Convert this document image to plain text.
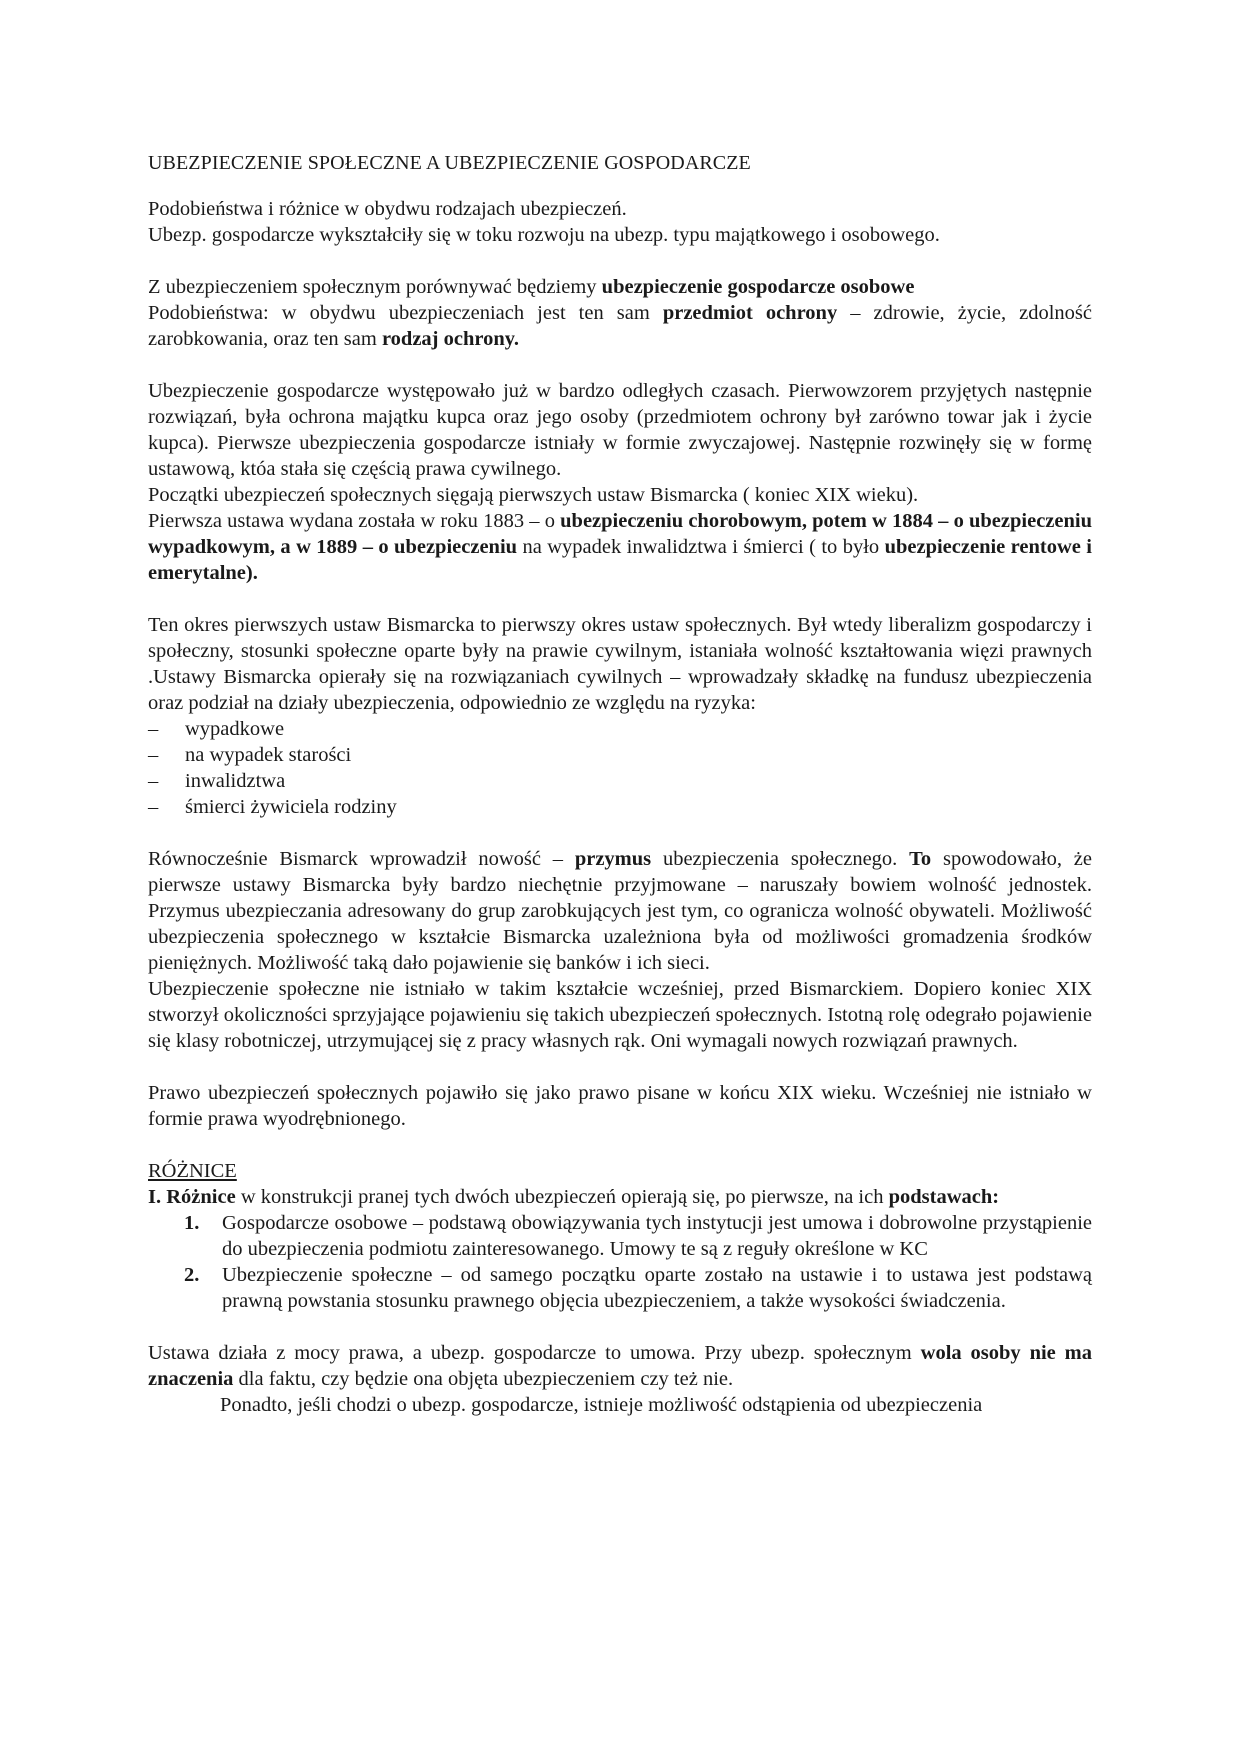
UBEZPIECZENIE SPOŁECZNE A UBEZPIECZENIE GOSPODARCZE

Podobieństwa i różnice w obydwu rodzajach ubezpieczeń.

Ubezp. gospodarcze wykształciły się w toku rozwoju na ubezp. typu majątkowego i osobowego.

Z ubezpieczeniem społecznym porównywać będziemy ubezpieczenie gospodarcze osobowe

Podobieństwa: w obydwu ubezpieczeniach jest ten sam przedmiot ochrony – zdrowie, życie, zdolność zarobkowania, oraz ten sam rodzaj ochrony.

Ubezpieczenie gospodarcze występowało już w bardzo odległych czasach. Pierwowzorem przyjętych następnie rozwiązań, była ochrona majątku kupca oraz jego osoby (przedmiotem ochrony był zarówno towar jak i życie kupca). Pierwsze ubezpieczenia gospodarcze istniały w formie zwyczajowej. Następnie rozwinęły się w formę ustawową, któa stała się częścią prawa cywilnego.

Początki ubezpieczeń społecznych sięgają pierwszych ustaw Bismarcka ( koniec XIX wieku).

Pierwsza ustawa wydana została w roku 1883 – o ubezpieczeniu chorobowym, potem w 1884 – o ubezpieczeniu wypadkowym, a w 1889 – o ubezpieczeniu na wypadek inwalidztwa i śmierci ( to było ubezpieczenie rentowe i emerytalne).

Ten okres pierwszych ustaw Bismarcka to pierwszy okres ustaw społecznych. Był wtedy liberalizm gospodarczy i społeczny, stosunki społeczne oparte były na prawie cywilnym, istaniała wolność kształtowania więzi prawnych .Ustawy Bismarcka opierały się na rozwiązaniach cywilnych – wprowadzały składkę na fundusz ubezpieczenia oraz podział na działy ubezpieczenia, odpowiednio ze względu na ryzyka:

– wypadkowe
– na wypadek starości
– inwalidztwa
– śmierci żywiciela rodziny

Równocześnie Bismarck wprowadził nowość – przymus ubezpieczenia społecznego. To spowodowało, że pierwsze ustawy Bismarcka były bardzo niechętnie przyjmowane – naruszały bowiem wolność jednostek. Przymus ubezpieczania adresowany do grup zarobkujących jest tym, co ogranicza wolność obywateli. Możliwość ubezpieczenia społecznego w kształcie Bismarcka uzależniona była od możliwości gromadzenia środków pieniężnych. Możliwość taką dało pojawienie się banków i ich sieci.

Ubezpieczenie społeczne nie istniało w takim kształcie wcześniej, przed Bismarckiem. Dopiero koniec XIX stworzył okoliczności sprzyjające pojawieniu się takich ubezpieczeń społecznych. Istotną rolę odegrało pojawienie się klasy robotniczej, utrzymującej się z pracy własnych rąk. Oni wymagali nowych rozwiązań prawnych.

Prawo ubezpieczeń społecznych pojawiło się jako prawo pisane w końcu XIX wieku. Wcześniej nie istniało w formie prawa wyodrębnionego.

RÓŻNICE

I. Różnice w konstrukcji pranej tych dwóch ubezpieczeń opierają się, po pierwsze, na ich podstawach:

1. Gospodarcze osobowe – podstawą obowiązywania tych instytucji jest umowa i dobrowolne przystąpienie do ubezpieczenia podmiotu zainteresowanego. Umowy te są z reguły określone w KC
2. Ubezpieczenie społeczne – od samego początku oparte zostało na ustawie i to ustawa jest podstawą prawną powstania stosunku prawnego objęcia ubezpieczeniem, a także wysokości świadczenia.

Ustawa działa z mocy prawa, a ubezp. gospodarcze to umowa. Przy ubezp. społecznym wola osoby nie ma znaczenia dla faktu, czy będzie ona objęta ubezpieczeniem czy też nie.

Ponadto, jeśli chodzi o ubezp. gospodarcze, istnieje możliwość odstąpienia od ubezpieczenia
